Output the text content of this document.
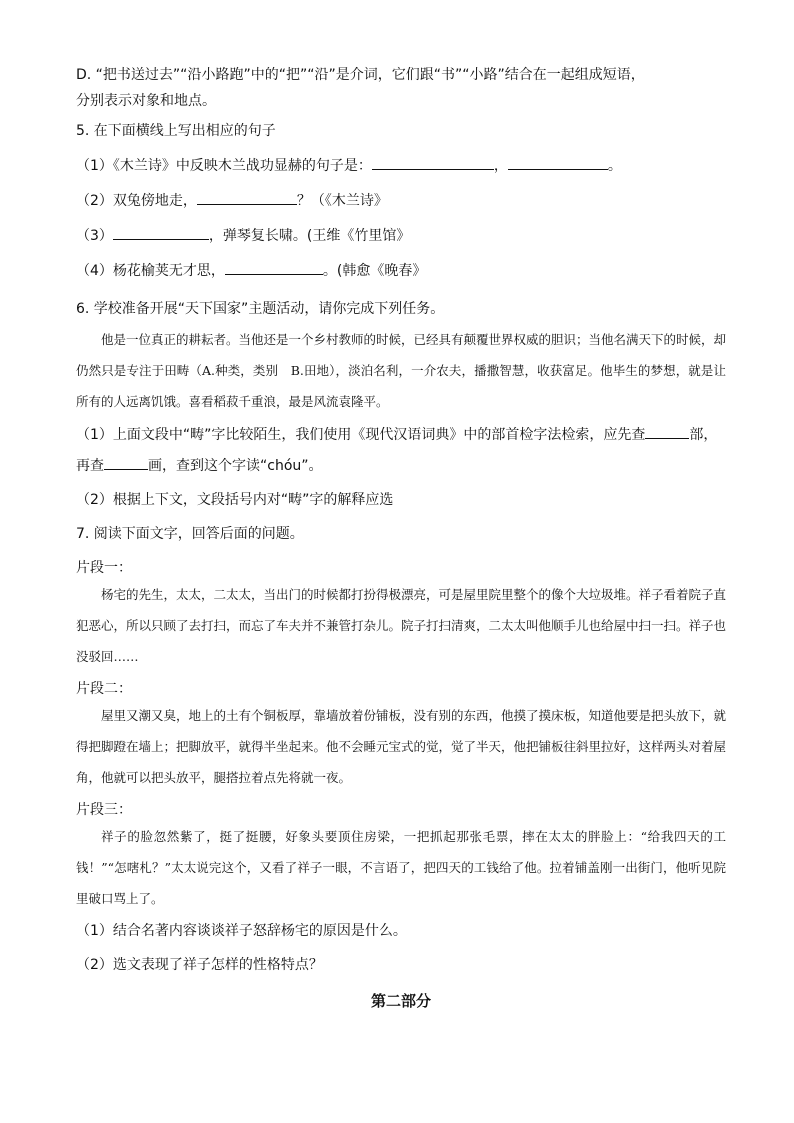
D. “把书送过去”“沿小路跑”中的“把”“沿”是介词，它们跟“书”“小路”结合在一起组成短语，
分别表示对象和地点。
5. 在下面横线上写出相应的句子
（1）《木兰诗》中反映木兰战功显赫的句子是：	，	。
（2）双兔傍地走，	？（《木兰诗》
（3）	，弹琴复长啸。(王维《竹里馆》
（4）杨花榆荚无才思，	。(韩愈《晚春》
6. 学校准备开展“天下国家”主题活动，请你完成下列任务。
他是一位真正的耕耘者。当他还是一个乡村教师的时候，已经具有颠覆世界权威的胆识；当他名满天下的时候，却仍然只是专注于田畴（A.种类，类别　B.田地），淡泊名利，一介农夫，播撒智慧，收获富足。他毕生的梦想，就是让所有的人远离饥饿。喜看稻菽千重浪，最是风流袁隆平。
（1）上面文段中“畴”字比较陌生，我们使用《现代汉语词典》中的部首检字法检索，应先查	部，
再查	画，查到这个字读“chóu”。
（2）根据上下文，文段括号内对“畴”字的解释应选
7. 阅读下面文字，回答后面的问题。
片段一：
杨宅的先生，太太，二太太，当出门的时候都打扮得极漂亮，可是屋里院里整个的像个大垃圾堆。祥子看着院子直犯恶心，所以只顾了去打扫，而忘了车夫并不兼管打杂儿。院子打扫清爽，二太太叫他顺手儿也给屋中扫一扫。祥子也没驳回……
片段二：
屋里又潮又臭，地上的土有个铜板厚，靠墙放着份铺板，没有别的东西，他摸了摸床板，知道他要是把头放下，就得把脚蹬在墙上；把脚放平，就得半坐起来。他不会睡元宝式的觉，觉了半天，他把铺板往斜里拉好，这样两头对着屋角，他就可以把头放平，腿搭拉着点先将就一夜。
片段三：
祥子的脸忽然紫了，挺了挺腰，好象头要顶住房梁，一把抓起那张毛票，摔在太太的胖脸上：“给我四天的工钱！”“怎嗐札？”太太说完这个，又看了祥子一眼，不言语了，把四天的工钱给了他。拉着铺盖刚一出街门，他听见院里破口骂上了。
（1）结合名著内容谈谈祥子怒辞杨宅的原因是什么。
（2）选文表现了祥子怎样的性格特点？
第二部分
